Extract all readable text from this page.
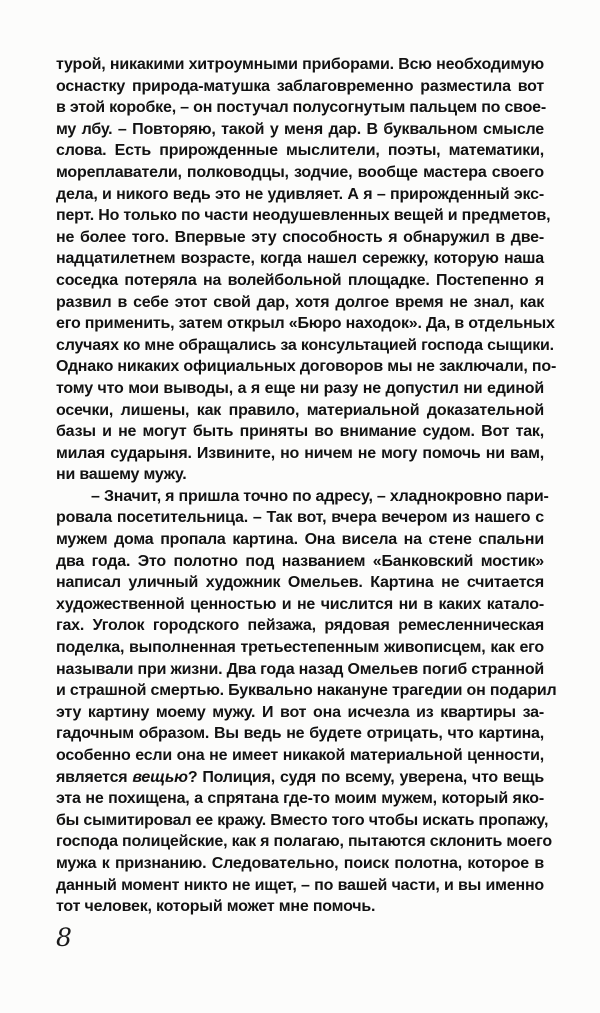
турой, никакими хитроумными приборами. Всю необходимую
оснастку природа-матушка заблаговременно разместила вот
в этой коробке, – он постучал полусогнутым пальцем по свое-
му лбу. – Повторяю, такой у меня дар. В буквальном смысле
слова. Есть прирожденные мыслители, поэты, математики,
мореплаватели, полководцы, зодчие, вообще мастера своего
дела, и никого ведь это не удивляет. А я – прирожденный экс-
перт. Но только по части неодушевленных вещей и предметов,
не более того. Впервые эту способность я обнаружил в две-
надцатилетнем возрасте, когда нашел сережку, которую наша
соседка потеряла на волейбольной площадке. Постепенно я
развил в себе этот свой дар, хотя долгое время не знал, как
его применить, затем открыл «Бюро находок». Да, в отдельных
случаях ко мне обращались за консультацией господа сыщики.
Однако никаких официальных договоров мы не заключали, по-
тому что мои выводы, а я еще ни разу не допустил ни единой
осечки, лишены, как правило, материальной доказательной
базы и не могут быть приняты во внимание судом. Вот так,
милая сударыня. Извините, но ничем не могу помочь ни вам,
ни вашему мужу.
– Значит, я пришла точно по адресу, – хладнокровно пари-
ровала посетительница. – Так вот, вчера вечером из нашего с
мужем дома пропала картина. Она висела на стене спальни
два года. Это полотно под названием «Банковский мостик»
написал уличный художник Омельев. Картина не считается
художественной ценностью и не числится ни в каких катало-
гах. Уголок городского пейзажа, рядовая ремесленническая
поделка, выполненная третьестепенным живописцем, как его
называли при жизни. Два года назад Омельев погиб странной
и страшной смертью. Буквально накануне трагедии он подарил
эту картину моему мужу. И вот она исчезла из квартиры за-
гадочным образом. Вы ведь не будете отрицать, что картина,
особенно если она не имеет никакой материальной ценности,
является вещью? Полиция, судя по всему, уверена, что вещь
эта не похищена, а спрятана где-то моим мужем, который яко-
бы сымитировал ее кражу. Вместо того чтобы искать пропажу,
господа полицейские, как я полагаю, пытаются склонить моего
мужа к признанию. Следовательно, поиск полотна, которое в
данный момент никто не ищет, – по вашей части, и вы именно
тот человек, который может мне помочь.
8
